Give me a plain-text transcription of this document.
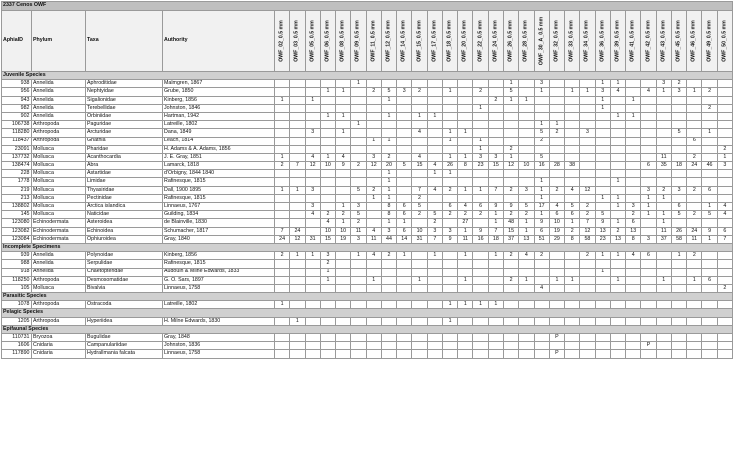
2337 Cenos OWF																																	
AphiaID	Phylum	Taxa	Authority	OWF_02_0.5 mm	OWF_03_0.5 mm	OWF_05_0.5 mm	OWF_06_0.5 mm	OWF_08_0.5 mm	OWF_09_0.5 mm	OWF_11_0.5 mm	OWF_12_0.5 mm	OWF_14_0.5 mm	OWF_15_0.5 mm	OWF_17_0.5 mm	OWF_18_0.5 mm	OWF_20_0.5 mm	OWF_22_0.5 mm	OWF_24_0.5 mm	OWF_26_0.5 mm	OWF_28_0.5 mm	OWF_30_A_0.5 mm	OWF_32_0.5 mm	OWF_33_0.5 mm	OWF_34_0.5 mm	OWF_36_0.5 mm	OWF_39_0.5 mm	OWF_41_0.5 mm	OWF_42_0.5 mm	OWF_43_0.5 mm	OWF_45_0.5 mm	OWF_46_0.5 mm	OWF_49_0.5 mm	OWF_50_0.5 mm

Juvenile Species																																	
938	Annelida	Aphroditidae	Malmgren, 1867						1										1		3				1	1			3	2			
956	Annelida	Nephtyidae	Grube, 1850				1	1		2	5	3	2		1		2		5		1		1	1	3	4		4	1	3	1	2	
943	Annelida	Sigalionidae	Kinberg, 1856	1		1					1							2	1	1					1		1						
982	Annelida	Terebellidae	Johnston, 1846														1								1							2	
902	Annelida	Orbiniidae	Hartman, 1942				1	1			1		1	1												1	1						
106738	Arthropoda	Paguridae	Latreille, 1802						1												1	1											
118280	Arthropoda	Arcturidae	Dana, 1849			3		1					4		1	1					5	2		3						5		1	
118437	Arthropoda	Gnathia	Leach, 1814							1	1				1		1				2										6		
23091	Mollusca	Pharidae	H. Adams & A. Adams, 1856														1		2														2
137732	Mollusca	Acanthocardia	J. E. Gray, 1851	1		4	1	4		3	2		4		1	1	3	3	1		5								11		2		1
138474	Mollusca	Abra	Lamarck, 1818	2	7	12	10	9	2	12	20	5	15	4	26	8	23	15	12	10	16	28	38					6	35	18	24	46	3
228	Mollusca	Astartidae	d'Orbigny, 1844 1840								1			1	1																		
1778	Mollusca	Limidae	Rafinesque, 1815								1										1					1							
219	Mollusca	Thyasiridae	Dall, 1900 1895	1	1	3			5	2	1		7	4	2	1	1	7	2	3	1	2	4	12				3	2	3	2	6	
213	Mollusca	Pectinidae	Rafinesque, 1815							1	1		2								1				1	1		1	1				
138802	Mollusca	Arctica islandica	Linnaeus, 1767			3		1	3		8	6	5		6	4	6	9	9	5	17	4	5	2		1	3	1		6		1	4
145	Mollusca	Naticidae	Guilding, 1834			4	2	2	5		8	6	2	5	2	2	2	1	2	2	1	6	6	2	5		2	1	1	5	2	5	4
123080	Echinodermata	Asteroidea	de Blainville, 1830				4	1	2		1	1		2		27		1	48	1	9	10	1	7	9	1	6		1				
123082	Echinodermata	Echinoidea	Schumacher, 1817	7	24		10	10	11	4	3	6	10	3	3	1	9	7	15	1	6	19	2	12	13	2	13		11	26	24	9	6
123084	Echinodermata	Ophiuroidea	Gray, 1840	24	12	31	15	19	3	11	44	14	31	7	9	11	16	18	37	13	51	29	8	58	23	13	8	3	37	58	11	1	7
Incomplete Specimens																																	
939	Annelida	Polynoidae	Kinberg, 1856	2	1	1	3		1	4	2	1		1		1		1	2	4	2			2	1	1	4	6		1	2		
988	Annelida	Serpulidae	Rafinesque, 1815				2																										
918	Annelida	Chaetopteridae	Audouin & Milne Edwards, 1833				1																		1								
118250	Arthropoda	Desmosomatidae	G. O. Sars, 1897				1			1			1			1			2	1		1	1			1			1		1	6	
105	Mollusca	Bivalvia	Linnaeus, 1758																		4												2
Parasitic Species																																	
1078	Arthropoda	Ostracoda	Latreille, 1802	1											1	1	1	1															
Pelagic Species																																	
1205	Arthropoda	Hyperiidea	H. Milne Edwards, 1830		1										1																		
Epifaunal Species																																	
110731	Bryozoa	Bugulidae	Gray, 1848																			P											
1606	Cnidaria	Campanulariidae	Johnston, 1836																									P					
117890	Cnidaria	Hydrallmania falcata	Linnaeus, 1758																			P											
